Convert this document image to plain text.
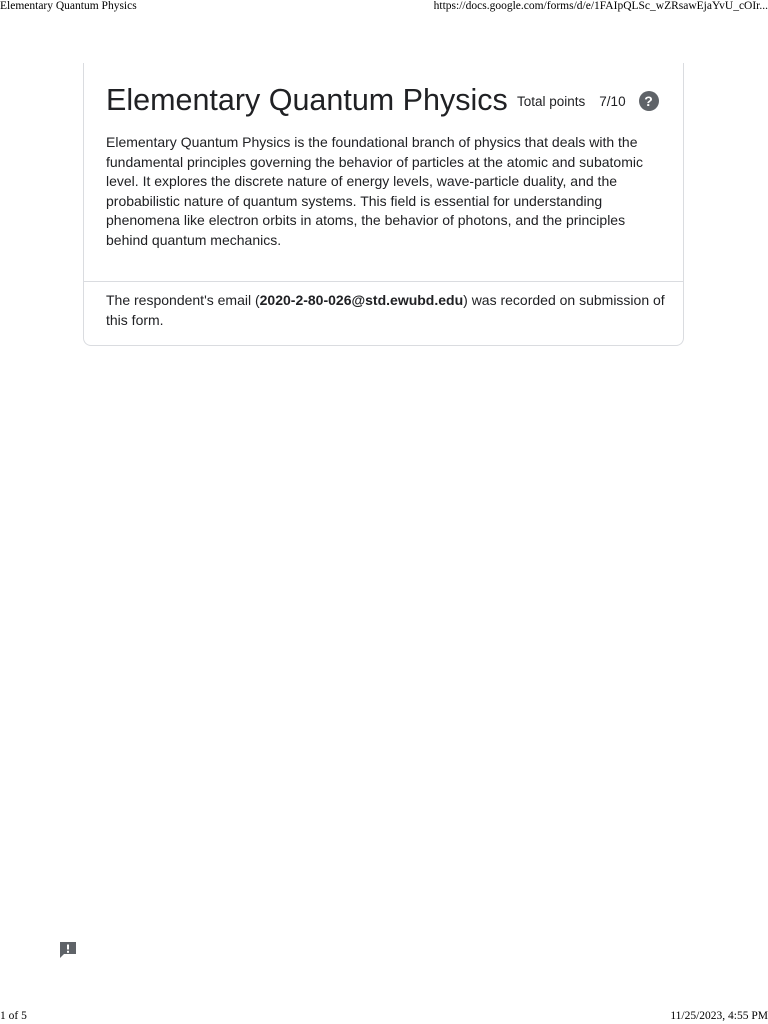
Elementary Quantum Physics	https://docs.google.com/forms/d/e/1FAIpQLSc_wZRsawEjaYvU_cOIr...
Elementary Quantum Physics Total points 7/10	?

Elementary Quantum Physics is the foundational branch of physics that deals with the fundamental principles governing the behavior of particles at the atomic and subatomic level. It explores the discrete nature of energy levels, wave-particle duality, and the probabilistic nature of quantum systems. This field is essential for understanding phenomena like electron orbits in atoms, the behavior of photons, and the principles behind quantum mechanics.

The respondent's email (2020-2-80-026@std.ewubd.edu) was recorded on submission of this form.

1 of 5	11/25/2023, 4:55 PM
